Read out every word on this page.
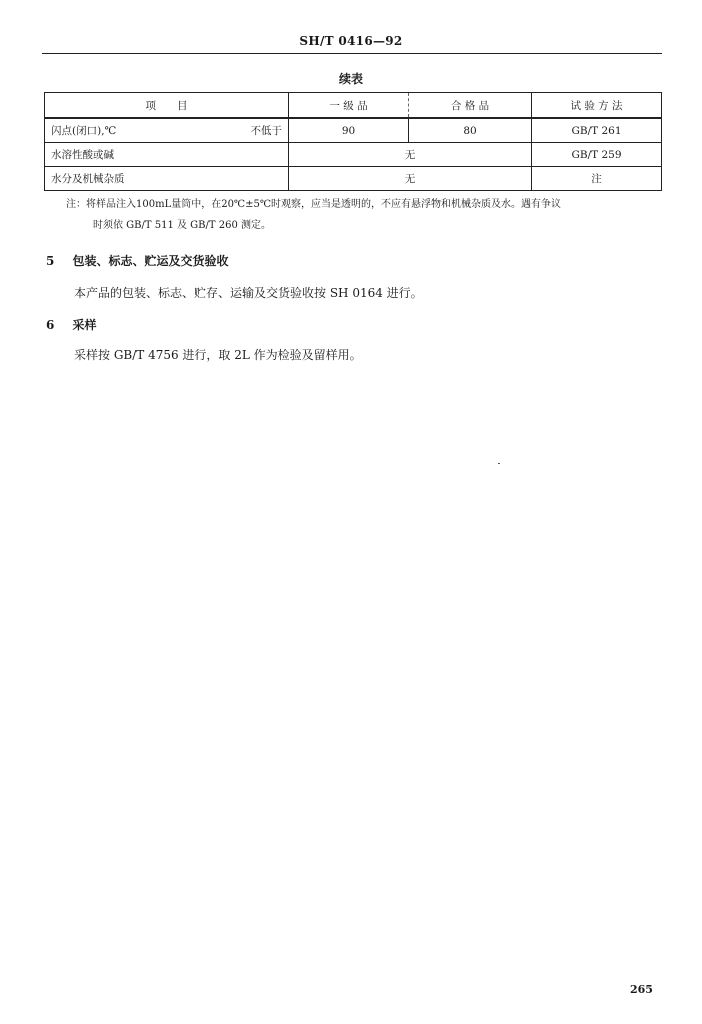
SH/T 0416—92
续表
项　　目	一 级 品	合 格 品	试 验 方 法

闪点(闭口),℃ 不低于	90	80	GB/T 261
水溶性酸或碱	无		GB/T 259
水分及机械杂质	无		注
注：将样品注入100mL量筒中，在20℃±5℃时观察，应当是透明的，不应有悬浮物和机械杂质及水。遇有争议
时须依 GB/T 511 及 GB/T 260 测定。
5 包装、标志、贮运及交货验收
本产品的包装、标志、贮存、运输及交货验收按 SH 0164 进行。
6 采样
采样按 GB/T 4756 进行，取 2L 作为检验及留样用。
265
